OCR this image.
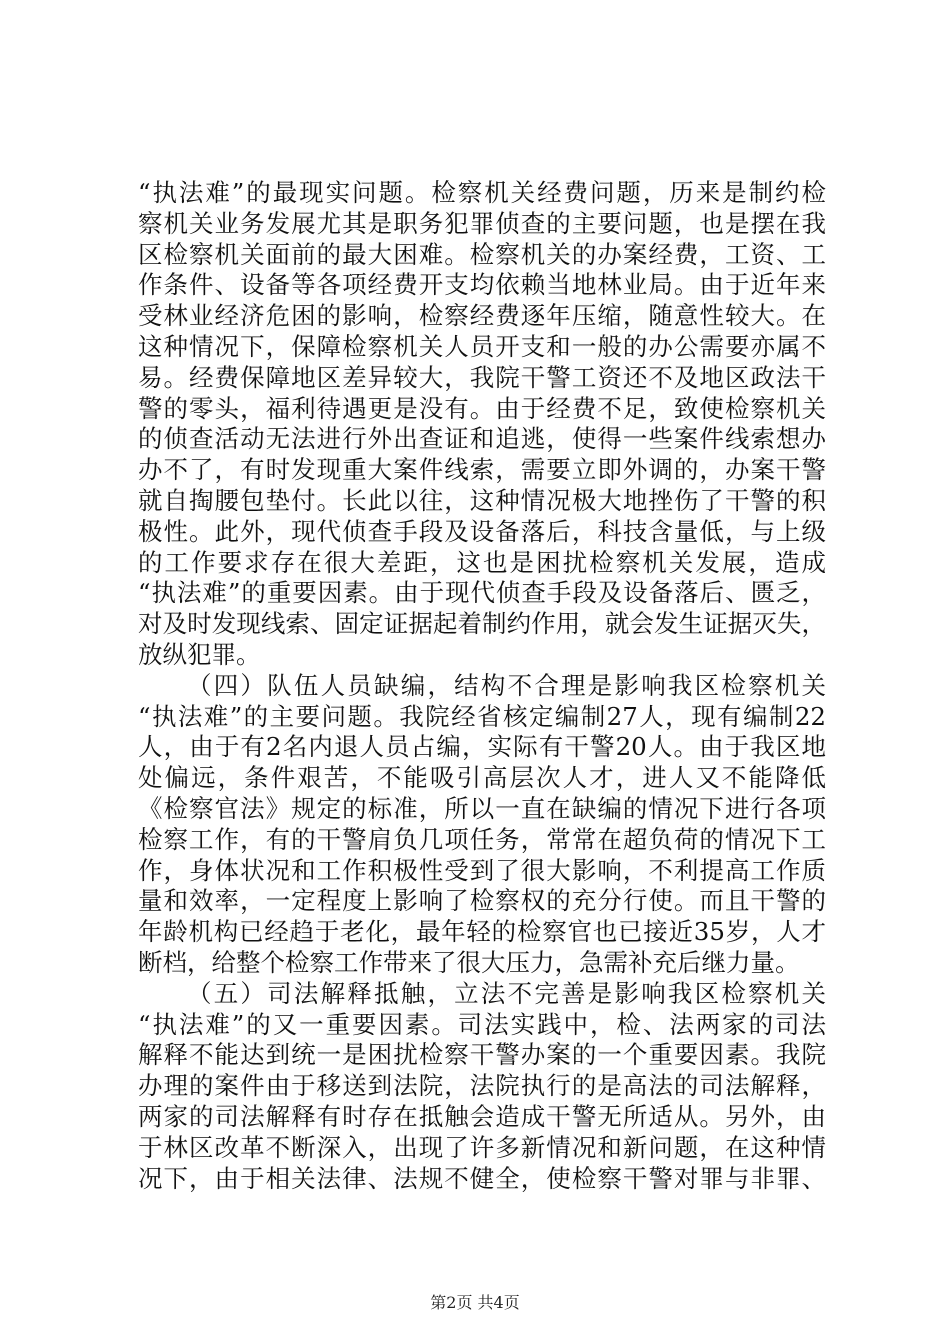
“执法难”的最现实问题。检察机关经费问题，历来是制约检
察机关业务发展尤其是职务犯罪侦查的主要问题，也是摆在我
区检察机关面前的最大困难。检察机关的办案经费，工资、工
作条件、设备等各项经费开支均依赖当地林业局。由于近年来
受林业经济危困的影响，检察经费逐年压缩，随意性较大。在
这种情况下，保障检察机关人员开支和一般的办公需要亦属不
易。经费保障地区差异较大，我院干警工资还不及地区政法干
警的零头，福利待遇更是没有。由于经费不足，致使检察机关
的侦查活动无法进行外出查证和追逃，使得一些案件线索想办
办不了，有时发现重大案件线索，需要立即外调的，办案干警
就自掏腰包垫付。长此以往，这种情况极大地挫伤了干警的积
极性。此外，现代侦查手段及设备落后，科技含量低，与上级
的工作要求存在很大差距，这也是困扰检察机关发展，造成
“执法难”的重要因素。由于现代侦查手段及设备落后、匮乏，
对及时发现线索、固定证据起着制约作用，就会发生证据灭失，
放纵犯罪。
（四）队伍人员缺编，结构不合理是影响我区检察机关
“执法难”的主要问题。我院经省核定编制27人，现有编制22
人，由于有2名内退人员占编，实际有干警20人。由于我区地
处偏远，条件艰苦，不能吸引高层次人才，进人又不能降低
《检察官法》规定的标准，所以一直在缺编的情况下进行各项
检察工作，有的干警肩负几项任务，常常在超负荷的情况下工
作，身体状况和工作积极性受到了很大影响，不利提高工作质
量和效率，一定程度上影响了检察权的充分行使。而且干警的
年龄机构已经趋于老化，最年轻的检察官也已接近35岁，人才
断档，给整个检察工作带来了很大压力，急需补充后继力量。
（五）司法解释抵触，立法不完善是影响我区检察机关
“执法难”的又一重要因素。司法实践中，检、法两家的司法
解释不能达到统一是困扰检察干警办案的一个重要因素。我院
办理的案件由于移送到法院，法院执行的是高法的司法解释，
两家的司法解释有时存在抵触会造成干警无所适从。另外，由
于林区改革不断深入，出现了许多新情况和新问题，在这种情
况下，由于相关法律、法规不健全，使检察干警对罪与非罪、
第2页 共4页
